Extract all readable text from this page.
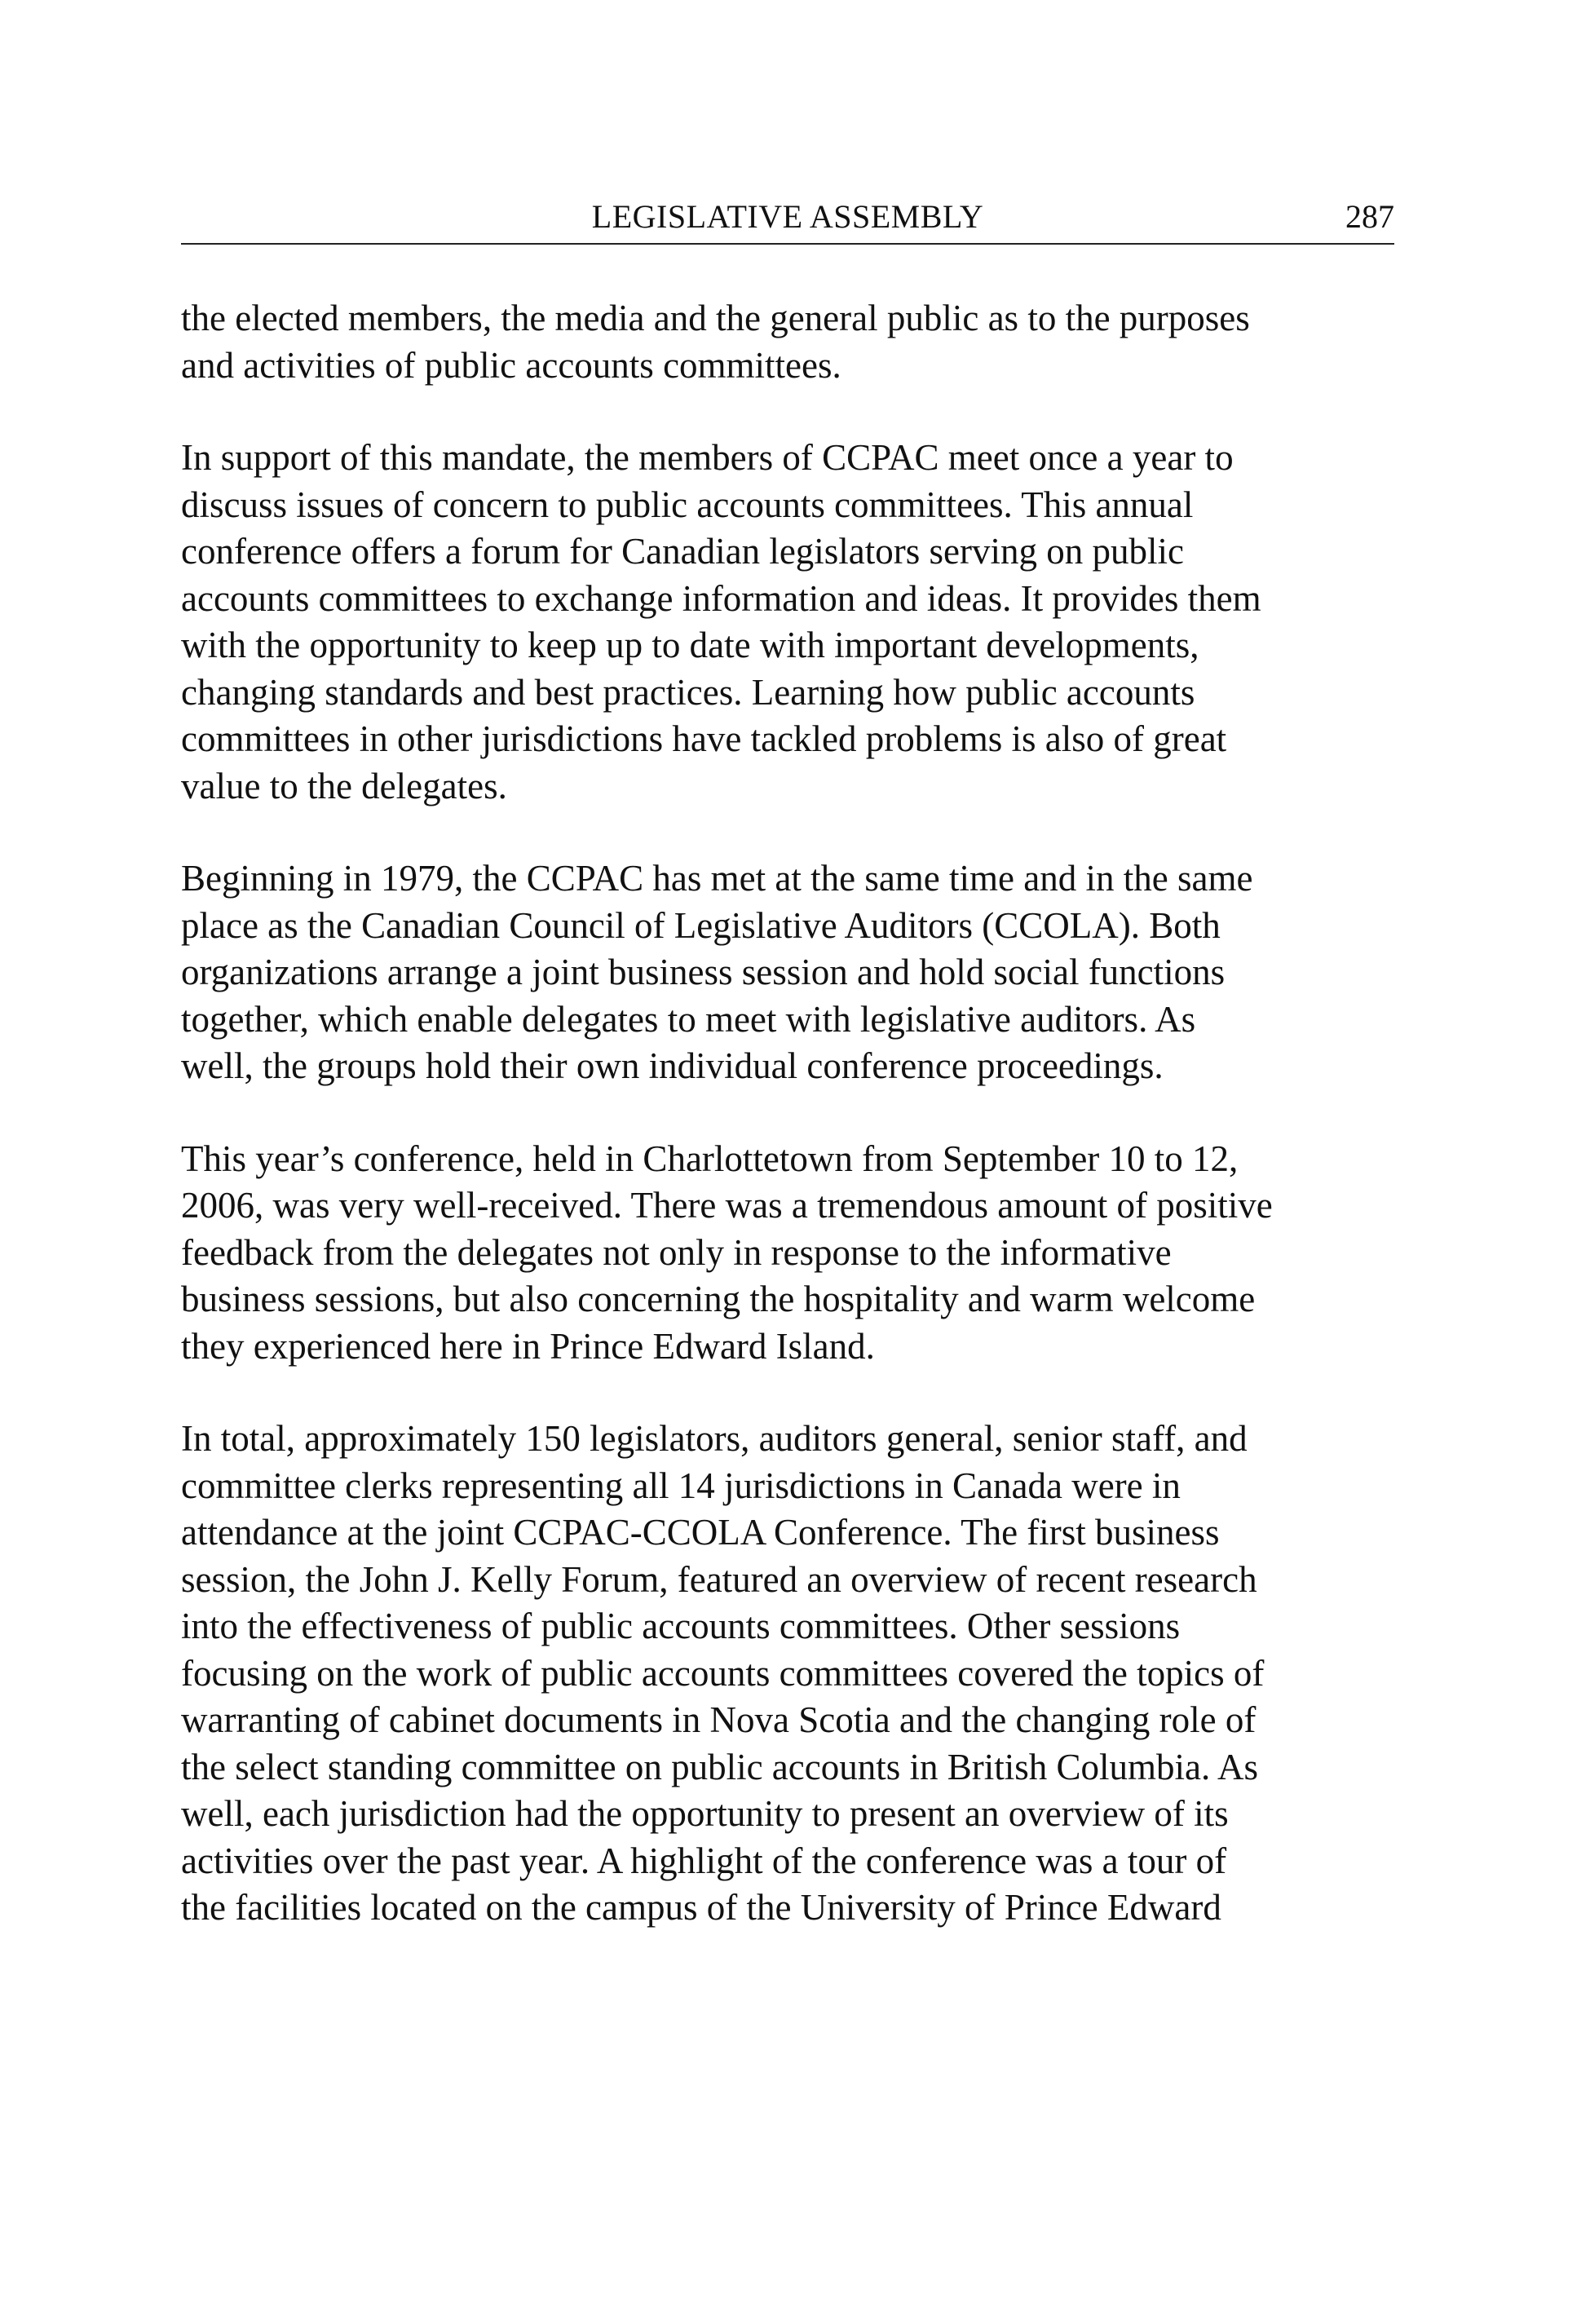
LEGISLATIVE ASSEMBLY	287

the elected members, the media and the general public as to the purposes
and activities of public accounts committees.

In support of this mandate, the members of CCPAC meet once a year to
discuss issues of concern to public accounts committees. This annual
conference offers a forum for Canadian legislators serving on public
accounts committees to exchange information and ideas. It provides them
with the opportunity to keep up to date with important developments,
changing standards and best practices. Learning how public accounts
committees in other jurisdictions have tackled problems is also of great
value to the delegates.

Beginning in 1979, the CCPAC has met at the same time and in the same
place as the Canadian Council of Legislative Auditors (CCOLA). Both
organizations arrange a joint business session and hold social functions
together, which enable delegates to meet with legislative auditors. As
well, the groups hold their own individual conference proceedings.

This year’s conference, held in Charlottetown from September 10 to 12,
2006, was very well-received. There was a tremendous amount of positive
feedback from the delegates not only in response to the informative
business sessions, but also concerning the hospitality and warm welcome
they experienced here in Prince Edward Island.

In total, approximately 150 legislators, auditors general, senior staff, and
committee clerks representing all 14 jurisdictions in Canada were in
attendance at the joint CCPAC-CCOLA Conference. The first business
session, the John J. Kelly Forum, featured an overview of recent research
into the effectiveness of public accounts committees. Other sessions
focusing on the work of public accounts committees covered the topics of
warranting of cabinet documents in Nova Scotia and the changing role of
the select standing committee on public accounts in British Columbia. As
well, each jurisdiction had the opportunity to present an overview of its
activities over the past year. A highlight of the conference was a tour of
the facilities located on the campus of the University of Prince Edward
